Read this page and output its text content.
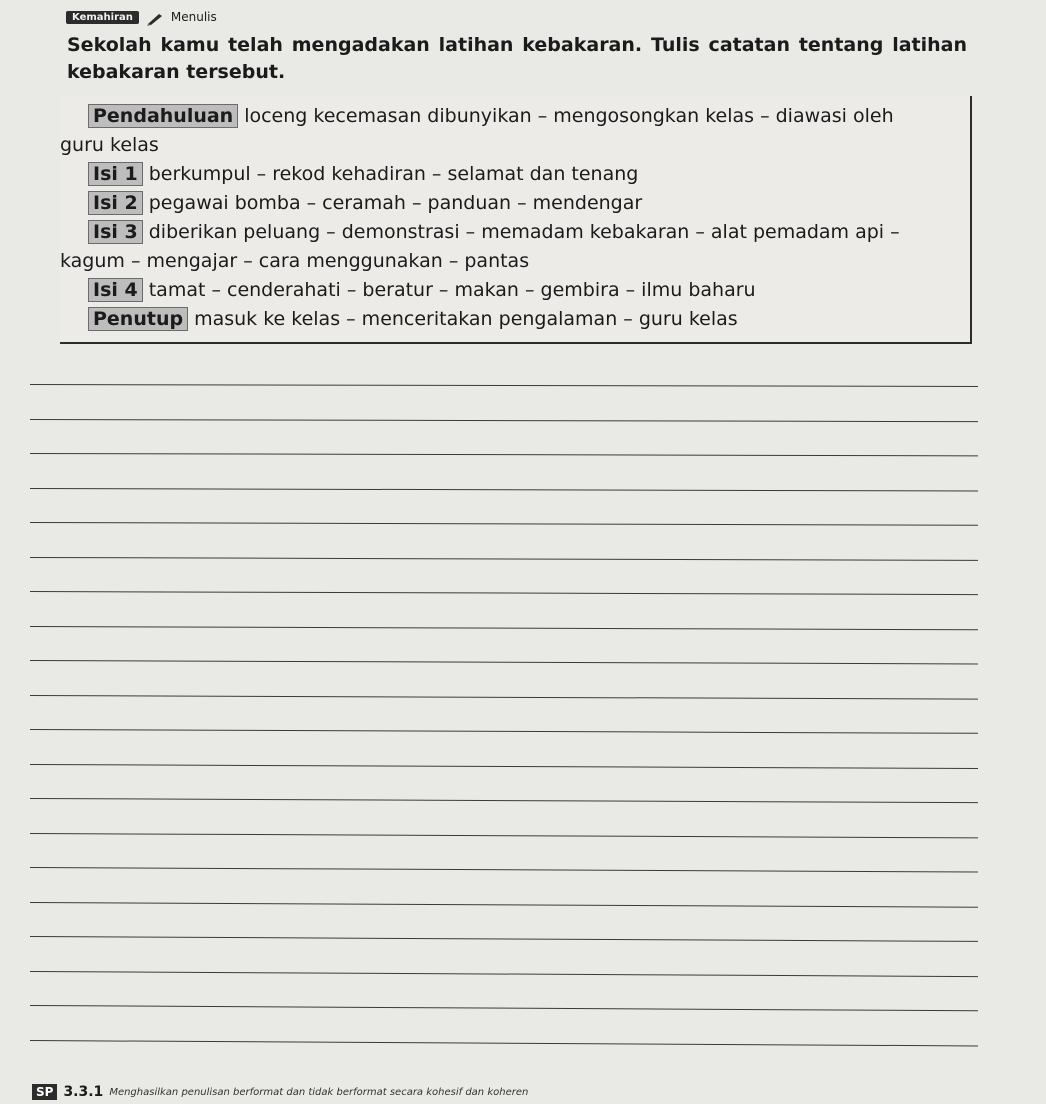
Kemahiran	Menulis
Sekolah kamu telah mengadakan latihan kebakaran. Tulis catatan tentang latihan kebakaran tersebut.
Pendahuluan loceng kecemasan dibunyikan – mengosongkan kelas – diawasi oleh
guru kelas
Isi 1 berkumpul – rekod kehadiran – selamat dan tenang
Isi 2 pegawai bomba – ceramah – panduan – mendengar
Isi 3 diberikan peluang – demonstrasi – memadam kebakaran – alat pemadam api –
kagum – mengajar – cara menggunakan – pantas
Isi 4 tamat – cenderahati – beratur – makan – gembira – ilmu baharu
Penutup masuk ke kelas – menceritakan pengalaman – guru kelas
SP 3.3.1 Menghasilkan penulisan berformat dan tidak berformat secara kohesif dan koheren
